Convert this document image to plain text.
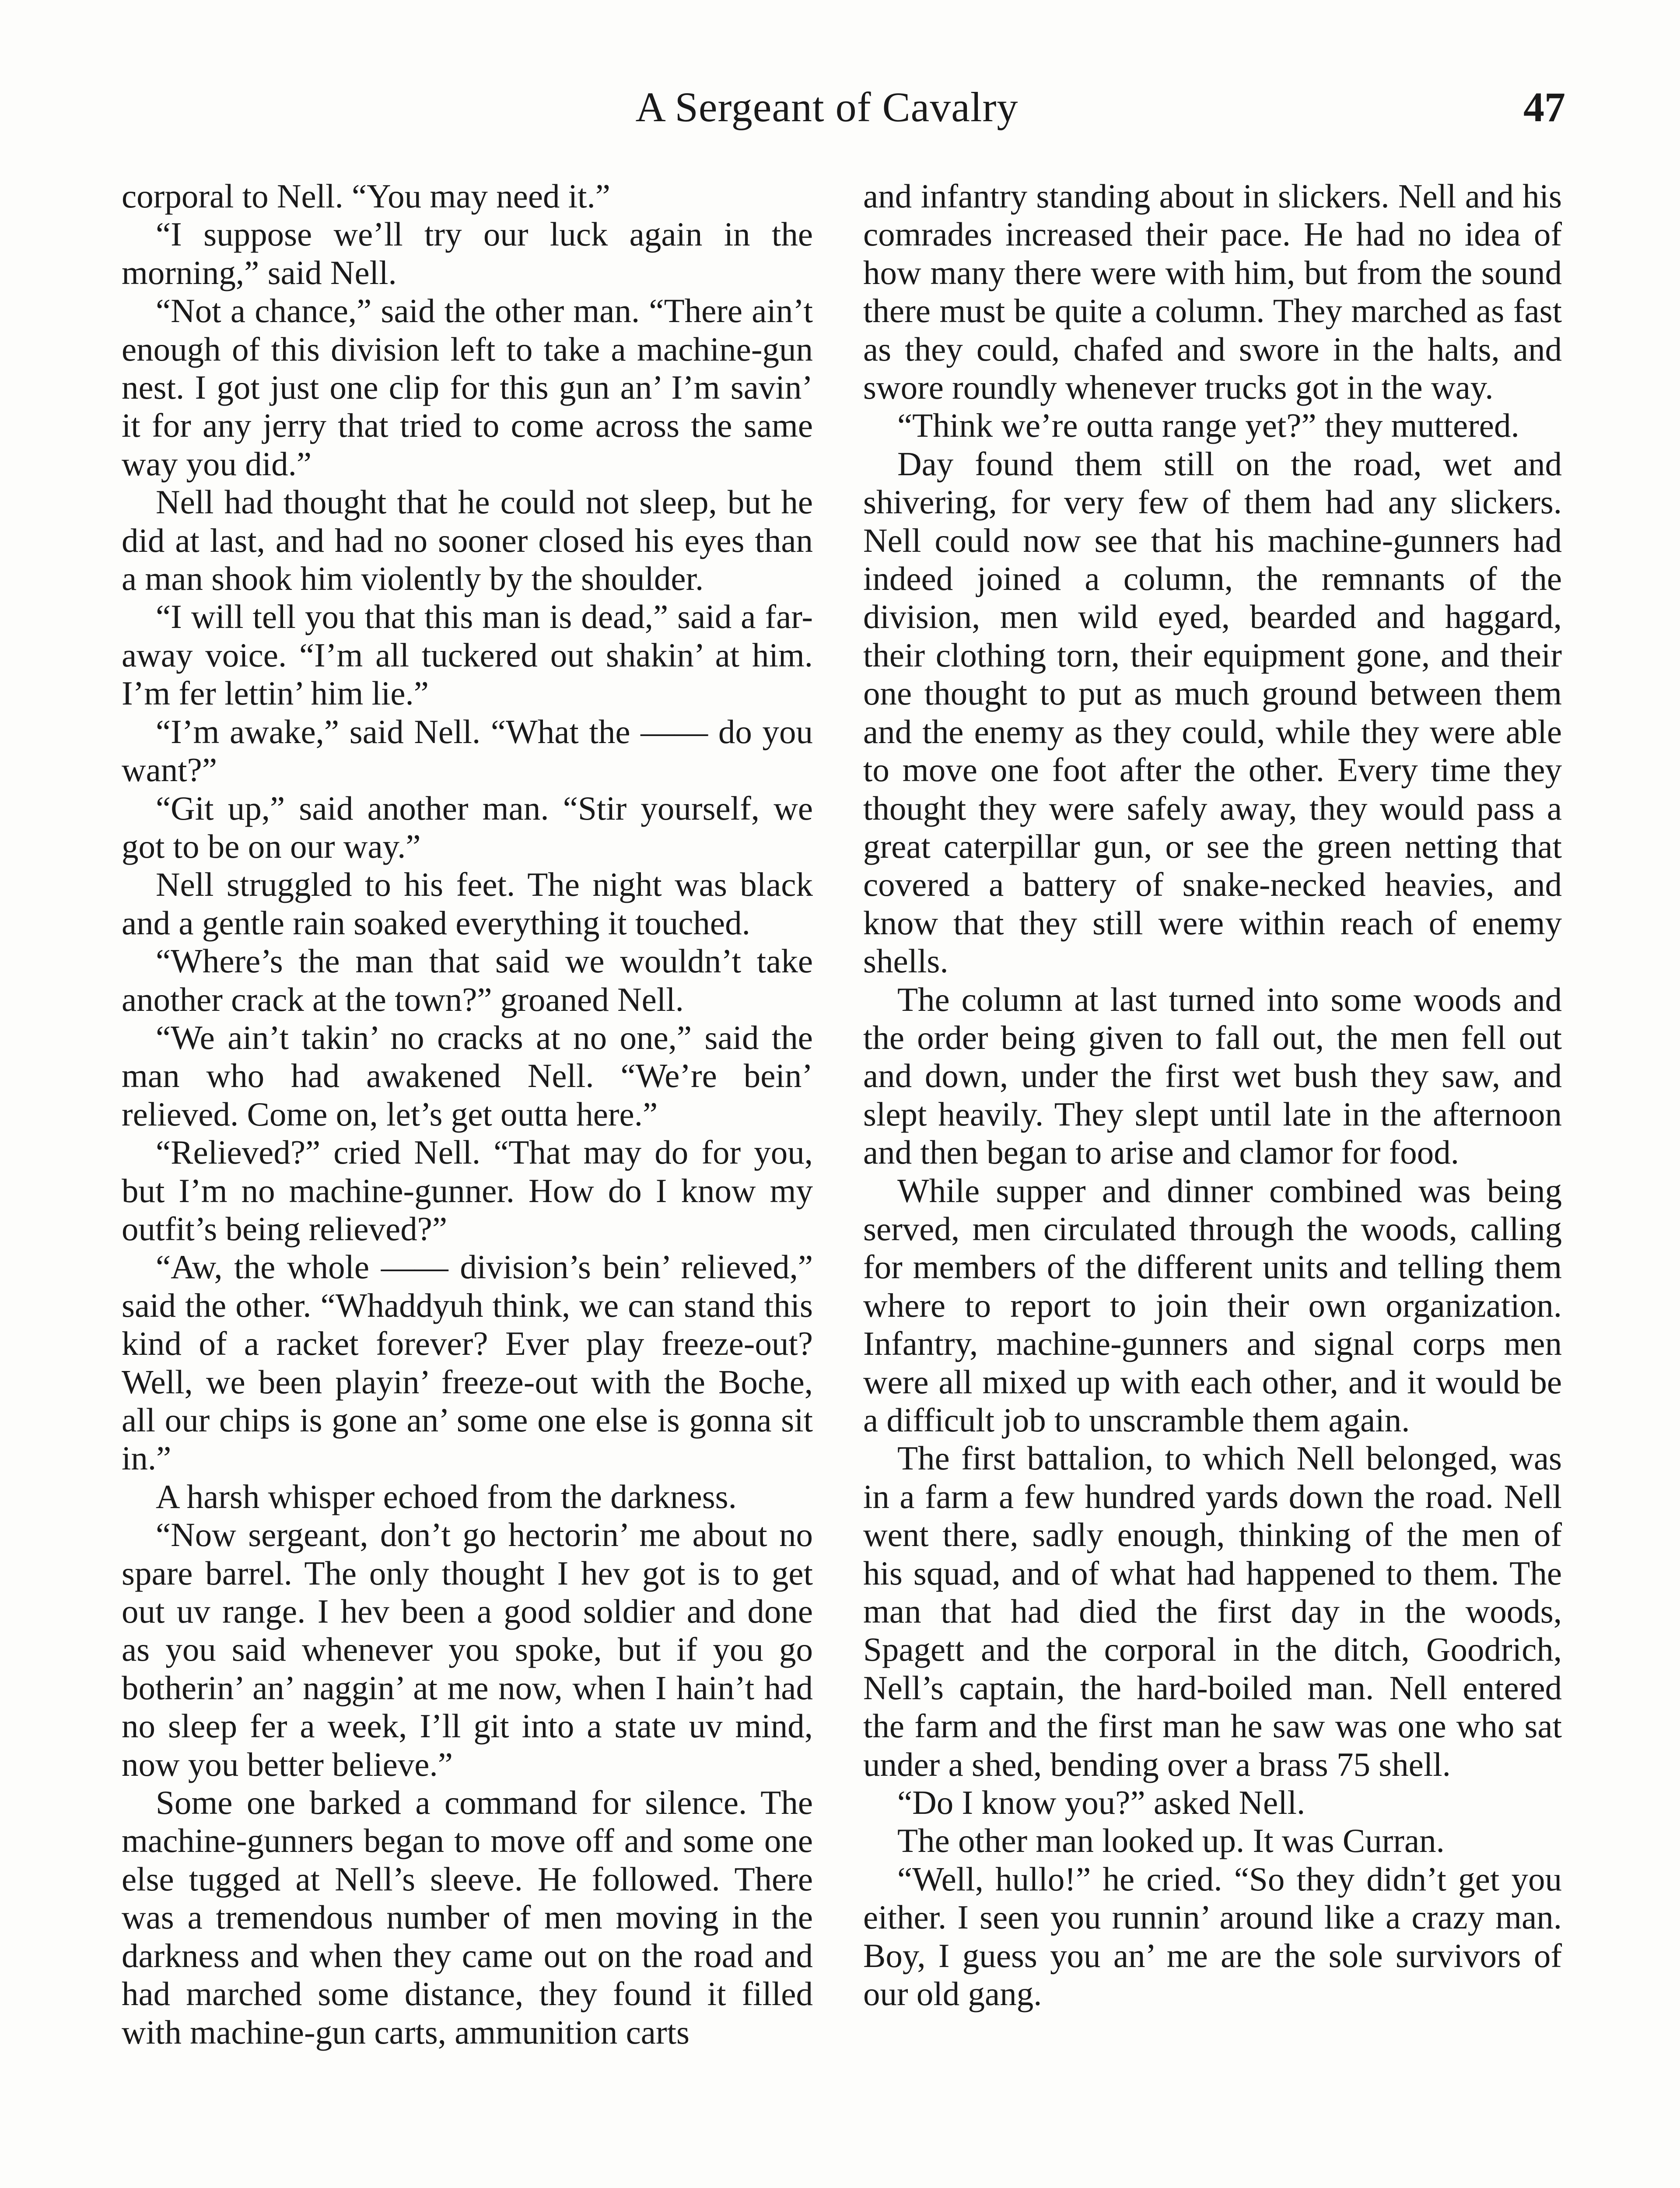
A Sergeant of Cavalry	47

corporal to Nell. “You may need it.”

“I suppose we’ll try our luck again in the morning,” said Nell.

“Not a chance,” said the other man. “There ain’t enough of this division left to take a machine-gun nest. I got just one clip for this gun an’ I’m savin’ it for any jerry that tried to come across the same way you did.”

Nell had thought that he could not sleep, but he did at last, and had no sooner closed his eyes than a man shook him violently by the shoulder.

“I will tell you that this man is dead,” said a far-away voice. “I’m all tuckered out shakin’ at him. I’m fer lettin’ him lie.”

“I’m awake,” said Nell. “What the —— do you want?”

“Git up,” said another man. “Stir yourself, we got to be on our way.”

Nell struggled to his feet. The night was black and a gentle rain soaked everything it touched.

“Where’s the man that said we wouldn’t take another crack at the town?” groaned Nell.

“We ain’t takin’ no cracks at no one,” said the man who had awakened Nell. “We’re bein’ relieved. Come on, let’s get outta here.”

“Relieved?” cried Nell. “That may do for you, but I’m no machine-gunner. How do I know my outfit’s being relieved?”

“Aw, the whole —— division’s bein’ relieved,” said the other. “Whaddyuh think, we can stand this kind of a racket forever? Ever play freeze-out? Well, we been playin’ freeze-out with the Boche, all our chips is gone an’ some one else is gonna sit in.”

A harsh whisper echoed from the darkness.

“Now sergeant, don’t go hectorin’ me about no spare barrel. The only thought I hev got is to get out uv range. I hev been a good soldier and done as you said whenever you spoke, but if you go botherin’ an’ naggin’ at me now, when I hain’t had no sleep fer a week, I’ll git into a state uv mind, now you better believe.”

Some one barked a command for silence. The machine-gunners began to move off and some one else tugged at Nell’s sleeve. He followed. There was a tremendous number of men moving in the darkness and when they came out on the road and had marched some distance, they found it filled with machine-gun carts, ammunition carts

and infantry standing about in slickers. Nell and his comrades increased their pace. He had no idea of how many there were with him, but from the sound there must be quite a column. They marched as fast as they could, chafed and swore in the halts, and swore roundly whenever trucks got in the way.

“Think we’re outta range yet?” they muttered.

Day found them still on the road, wet and shivering, for very few of them had any slickers. Nell could now see that his machine-gunners had indeed joined a column, the remnants of the division, men wild eyed, bearded and haggard, their clothing torn, their equipment gone, and their one thought to put as much ground between them and the enemy as they could, while they were able to move one foot after the other. Every time they thought they were safely away, they would pass a great caterpillar gun, or see the green netting that covered a battery of snake-necked heavies, and know that they still were within reach of enemy shells.

The column at last turned into some woods and the order being given to fall out, the men fell out and down, under the first wet bush they saw, and slept heavily. They slept until late in the afternoon and then began to arise and clamor for food.

While supper and dinner combined was being served, men circulated through the woods, calling for members of the different units and telling them where to report to join their own organization. Infantry, machine-gunners and signal corps men were all mixed up with each other, and it would be a difficult job to unscramble them again.

The first battalion, to which Nell belonged, was in a farm a few hundred yards down the road. Nell went there, sadly enough, thinking of the men of his squad, and of what had happened to them. The man that had died the first day in the woods, Spagett and the corporal in the ditch, Goodrich, Nell’s captain, the hard-boiled man. Nell entered the farm and the first man he saw was one who sat under a shed, bending over a brass 75 shell.

“Do I know you?” asked Nell.

The other man looked up. It was Curran.

“Well, hullo!” he cried. “So they didn’t get you either. I seen you runnin’ around like a crazy man. Boy, I guess you an’ me are the sole survivors of our old gang.
